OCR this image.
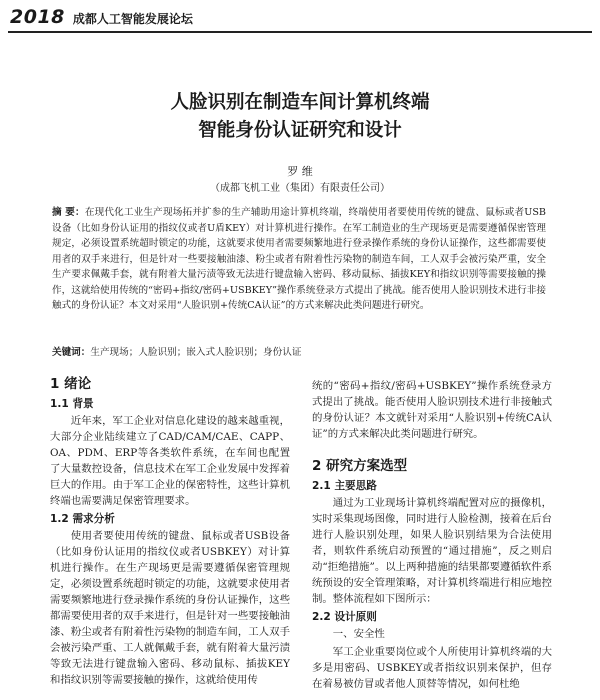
2018 成都人工智能发展论坛
人脸识别在制造车间计算机终端
智能身份认证研究和设计
罗 维
（成都飞机工业（集团）有限责任公司）
摘 要：在现代化工业生产现场拓并扩参的生产辅助用途计算机终端，终端使用者要使用传统的键盘、鼠标或者USB设备（比如身份认证用的指纹仪或者U盾KEY）对计算机进行操作。在军工制造业的生产现场更是需要遵循保密管理规定，必须设置系统超时锁定的功能，这就要求使用者需要频繁地进行登录操作系统的身份认证操作，这些都需要使用者的双手来进行，但是针对一些要接触油漆、粉尘或者有附着性污染物的制造车间，工人双手会被污染严重，安全生产要求佩戴手套，就有附着大量污渍等致无法进行键盘输入密码、移动鼠标、插拔KEY和指纹识别等需要接触的操作，这就给使用传统的“密码+指纹/密码+USBKEY”操作系统登录方式提出了挑战。能否使用人脸识别技术进行非接触式的身份认证？本文对采用“人脸识别+传统CA认证”的方式来解决此类问题进行研究。
关键词：生产现场；人脸识别；嵌入式人脸识别；身份认证
1 绪论
1.1 背景

近年来，军工企业对信息化建设的越来越重视，大部分企业陆续建立了CAD/CAM/CAE、CAPP、OA、PDM、ERP等各类软件系统，在车间也配置了大量数控设备，信息技术在军工企业发展中发挥着巨大的作用。由于军工企业的保密特性，这些计算机终端也需要满足保密管理要求。

1.2 需求分析

使用者要使用传统的键盘、鼠标或者USB设备（比如身份认证用的指纹仪或者USBKEY）对计算机进行操作。在生产现场更是需要遵循保密管理规定，必须设置系统超时锁定的功能，这就要求使用者需要频繁地进行登录操作系统的身份认证操作，这些都需要使用者的双手来进行，但是针对一些要接触油漆、粉尘或者有附着性污染物的制造车间，工人双手会被污染严重、工人就佩戴手套，就有附着大量污渍等致无法进行键盘输入密码、移动鼠标、插拔KEY和指纹识别等需要接触的操作，这就给使用传

统的“密码+指纹/密码+USBKEY”操作系统登录方式提出了挑战。能否使用人脸识别技术进行非接触式的身份认证？本文就针对采用“人脸识别+传统CA认证”的方式来解决此类问题进行研究。

2 研究方案选型
2.1 主要思路

通过为工业现场计算机终端配置对应的摄像机，实时采集现场图像，同时进行人脸检测，接着在后台进行人脸识别处理，如果人脸识别结果为合法使用者，则软件系统启动预置的“通过措施”，反之则启动“拒绝措施”。以上两种措施的结果都要遵循软件系统预设的安全管理策略，对计算机终端进行相应地控制。整体流程如下图所示：

2.2 设计原则

一、安全性

军工企业重要岗位或个人所使用计算机终端的大多是用密码、USBKEY或者指纹识别来保护，但存在着易被仿冒或者他人顶替等情况，如何杜绝
